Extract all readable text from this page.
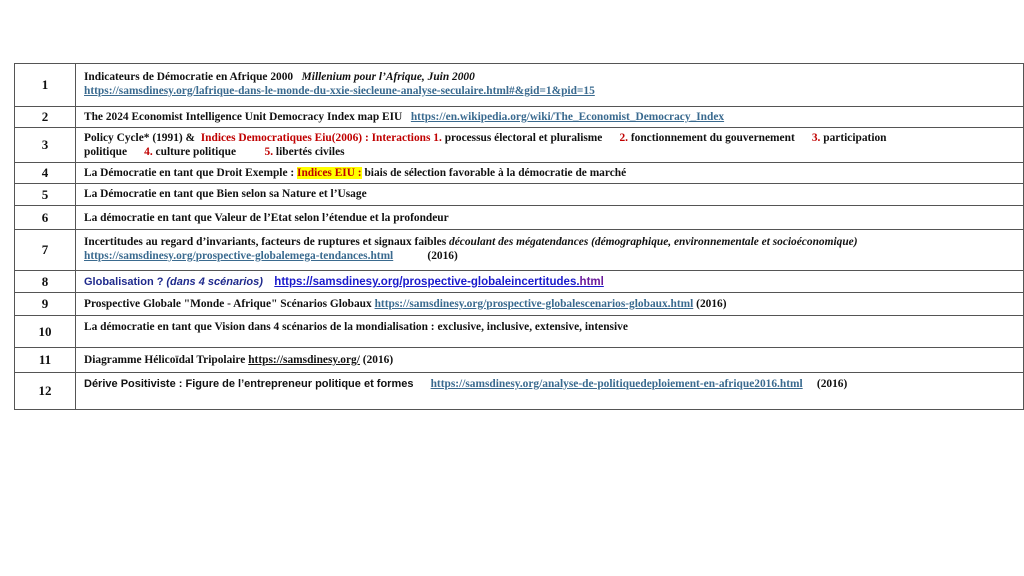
1	Indicateurs de Démocratie en Afrique 2000 Millenium pour l’Afrique, Juin 2000
https://samsdinesy.org/lafrique-dans-le-monde-du-xxie-siecleune-analyse-seculaire.html#&gid=1&pid=15

2	The 2024 Economist Intelligence Unit Democracy Index map EIU https://en.wikipedia.org/wiki/The_Economist_Democracy_Index

3	Policy Cycle* (1991) & Indices Democratiques Eiu(2006) : Interactions 1. processus électoral et pluralisme 2. fonctionnement du gouvernement 3. participation
politique 4. culture politique 5. libertés civiles

4	La Démocratie en tant que Droit Exemple : Indices EIU : biais de sélection favorable à la démocratie de marché

5	La Démocratie en tant que Bien selon sa Nature et l’Usage

6	La démocratie en tant que Valeur de l’Etat selon l’étendue et la profondeur

7	Incertitudes au regard d’invariants, facteurs de ruptures et signaux faibles découlant des mégatendances (démographique, environnementale et socioéconomique)
https://samsdinesy.org/prospective-globalemega-tendances.html (2016)

8	Globalisation ? (dans 4 scénarios) https://samsdinesy.org/prospective-globaleincertitudes.html

9	Prospective Globale "Monde - Afrique" Scénarios Globaux https://samsdinesy.org/prospective-globalescenarios-globaux.html (2016)

10	La démocratie en tant que Vision dans 4 scénarios de la mondialisation : exclusive, inclusive, extensive, intensive

11	Diagramme Hélicoïdal Tripolaire https://samsdinesy.org/ (2016)

12	Dérive Positiviste : Figure de l’entrepreneur politique et formes https://samsdinesy.org/analyse-de-politiquedeploiement-en-afrique2016.html (2016)
